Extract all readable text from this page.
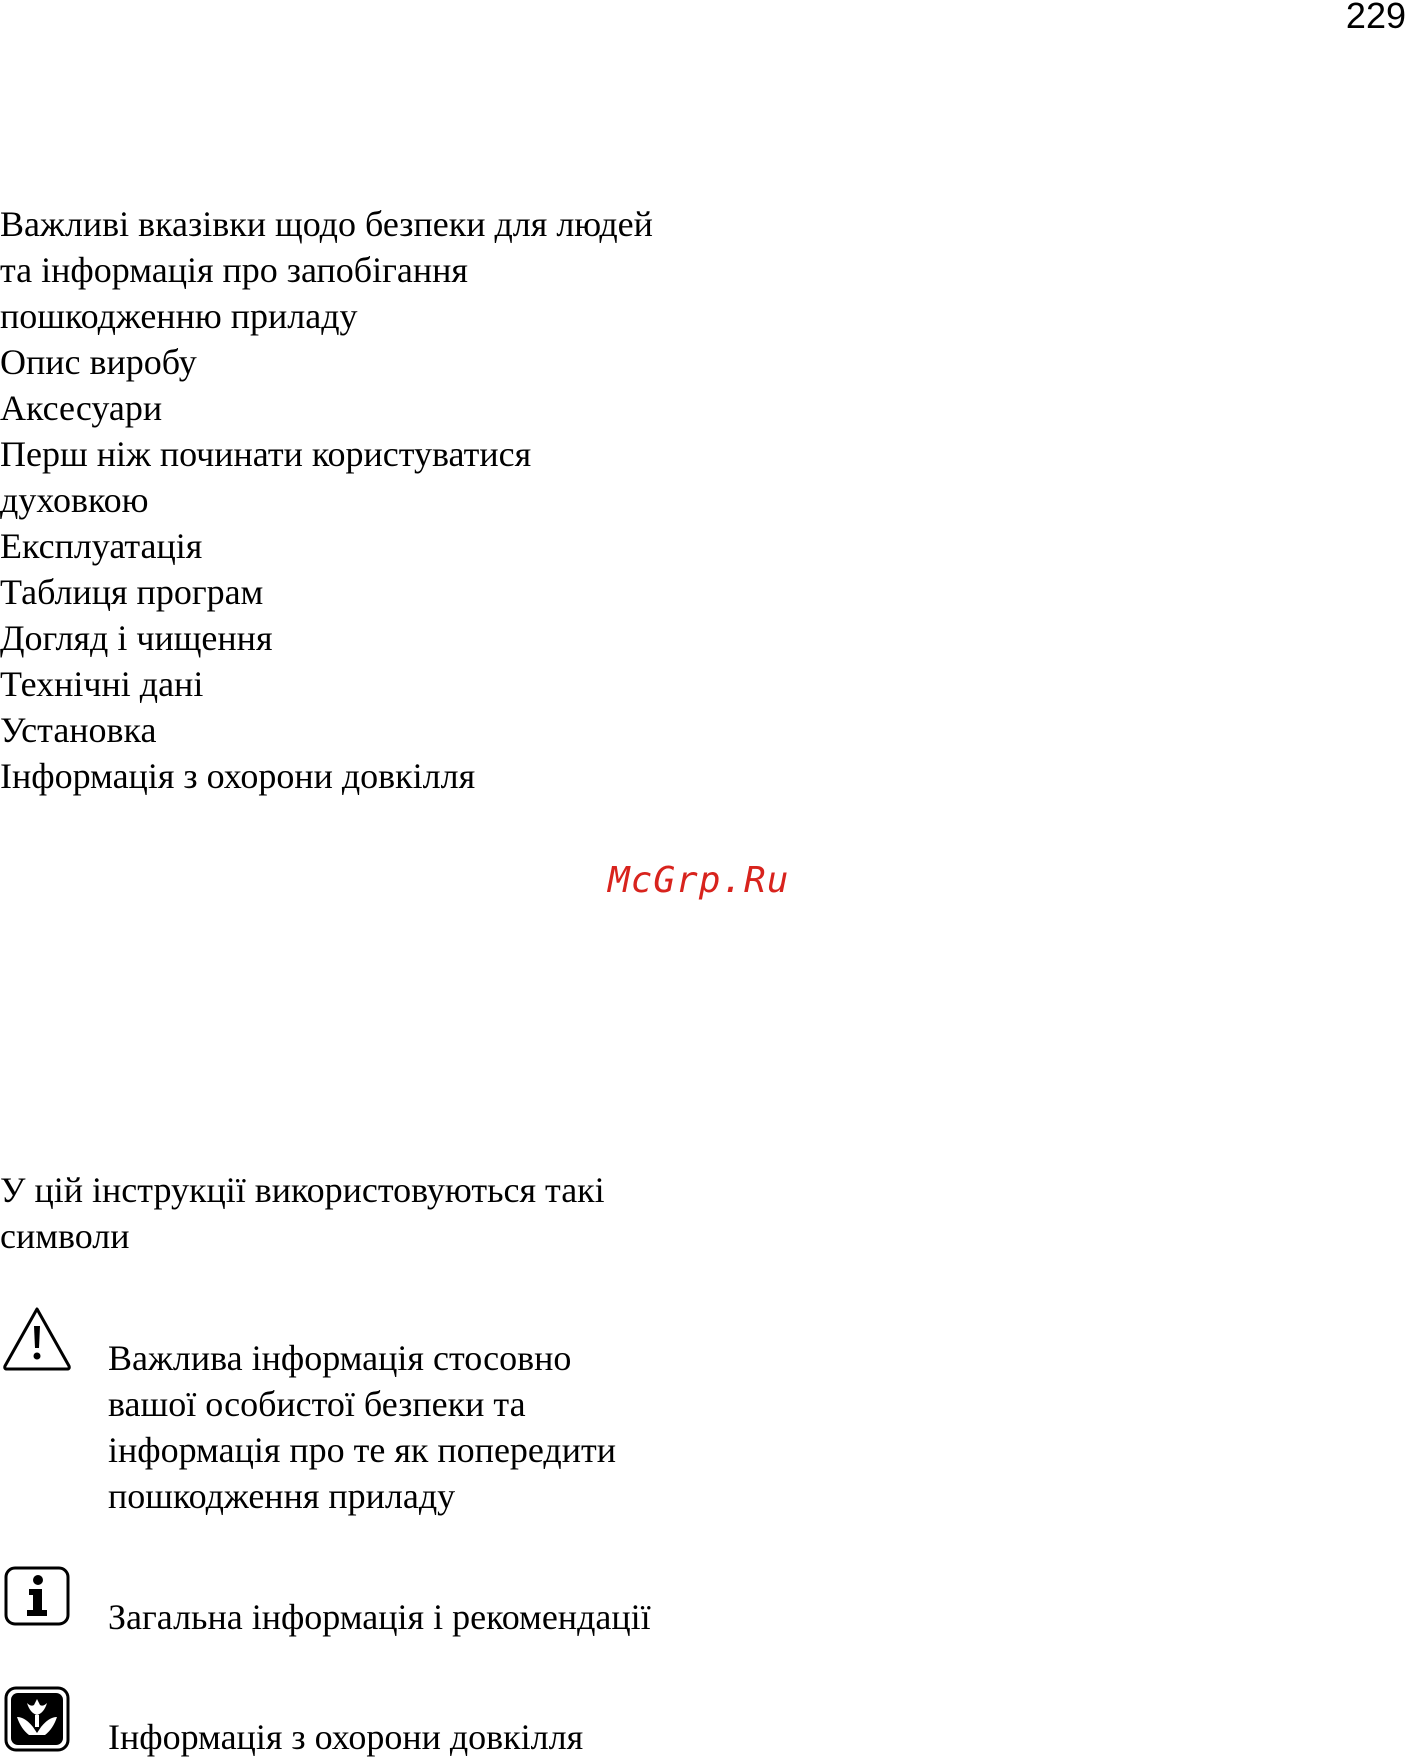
229
Важливі вказівки щодо безпеки для людей та інформація про запобігання пошкодженню приладу
Опис виробу
Аксесуари
Перш ніж починати користуватися духовкою
Експлуатація
Таблиця програм
Догляд і чищення
Технічні дані
Установка
Інформація з охорони довкілля
McGrp.Ru
У цій інструкції використовуються такі символи
Важлива інформація стосовно вашої особистої безпеки та інформація про те як попередити пошкодження приладу
Загальна інформація і рекомендації
Інформація з охорони довкілля
